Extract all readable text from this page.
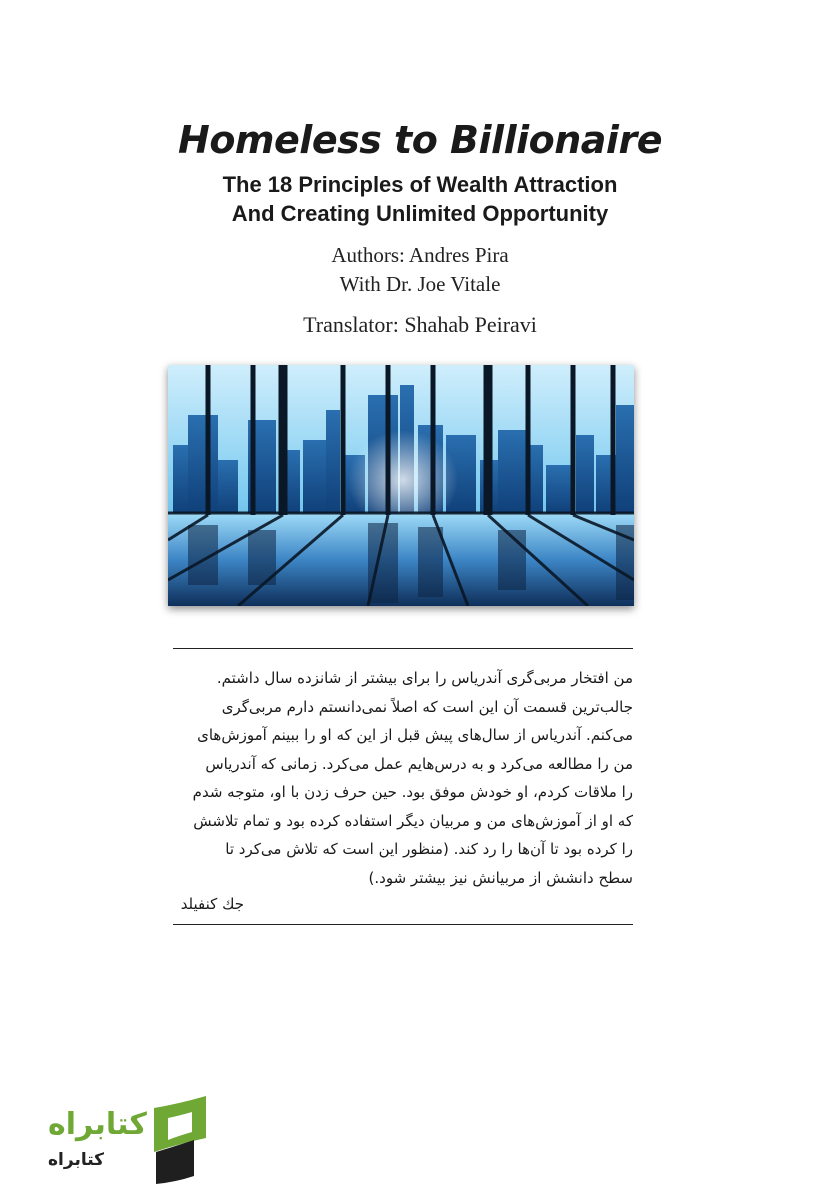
Homeless to Billionaire
The 18 Principles of Wealth Attraction
And Creating Unlimited Opportunity
Authors: Andres Pira
With Dr. Joe Vitale
Translator: Shahab Peiravi
من افتخار مربی‌گری آندریاس را برای بیشتر از شانزده سال داشتم.
جالب‌ترین قسمت آن این است که اصلاً نمی‌دانستم دارم مربی‌گری
می‌کنم. آندریاس از سال‌های پیش قبل از این که او را ببینم آموزش‌های
من را مطالعه می‌کرد و به درس‌هایم عمل می‌کرد. زمانی که آندریاس
را ملاقات کردم، او خودش موفق بود. حین حرف زدن با او، متوجه شدم
که او از آموزش‌های من و مربیان دیگر استفاده کرده بود و تمام تلاشش
را کرده بود تا آن‌ها را رد کند. (منظور این است که تلاش می‌کرد تا
سطح دانشش از مربیانش نیز بیشتر شود.)
جك كنفيلد
کتابراه
کتابراه
